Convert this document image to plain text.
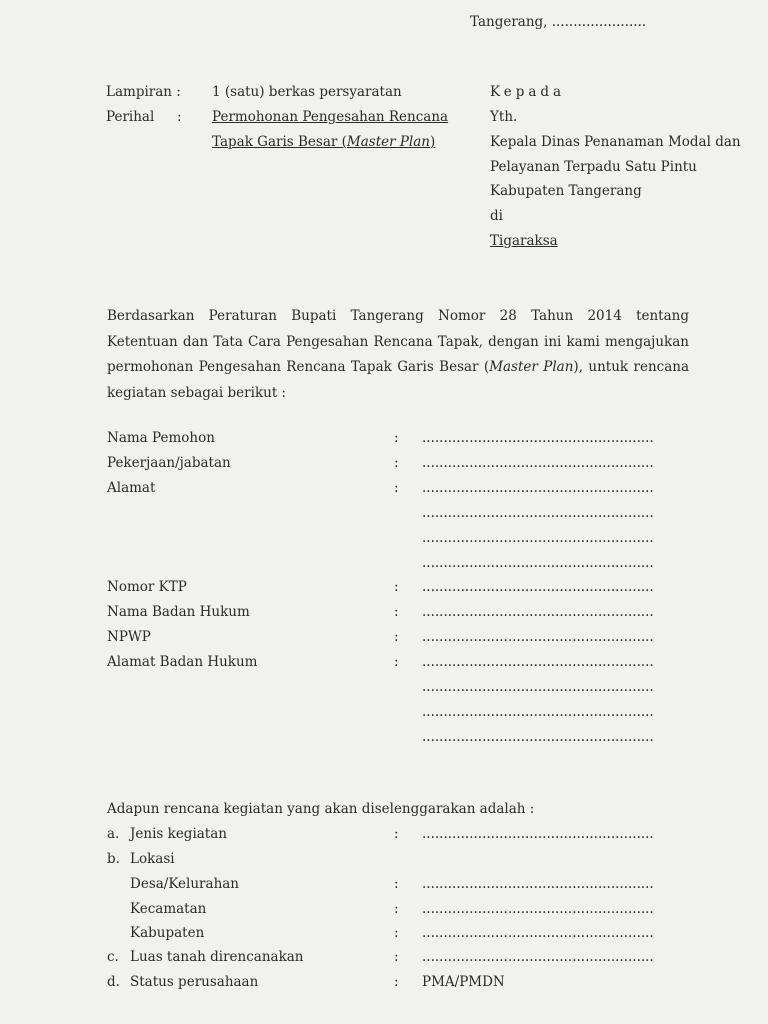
Tangerang, ......................
Lampiran : 1 (satu) berkas persyaratan
Perihal : Permohonan Pengesahan Rencana
Tapak Garis Besar (Master Plan)
Kepada
Yth.
Kepala Dinas Penanaman Modal dan
Pelayanan Terpadu Satu Pintu
Kabupaten Tangerang
di
Tigaraksa
Berdasarkan Peraturan Bupati Tangerang Nomor 28 Tahun 2014 tentang
Ketentuan dan Tata Cara Pengesahan Rencana Tapak, dengan ini kami mengajukan
permohonan Pengesahan Rencana Tapak Garis Besar (Master Plan), untuk rencana
kegiatan sebagai berikut :
Nama Pemohon	: ......................................................
Pekerjaan/jabatan	: ......................................................
Alamat	: ......................................................
......................................................
......................................................
......................................................
Nomor KTP	: ......................................................
Nama Badan Hukum	: ......................................................
NPWP	: ......................................................
Alamat Badan Hukum	: ......................................................
......................................................
......................................................
......................................................
Adapun rencana kegiatan yang akan diselenggarakan adalah :
a. Jenis kegiatan	: ......................................................
b. Lokasi
Desa/Kelurahan	: ......................................................
Kecamatan	: ......................................................
Kabupaten	: ......................................................
c. Luas tanah direncanakan	: ......................................................
d. Status perusahaan	: PMA/PMDN
